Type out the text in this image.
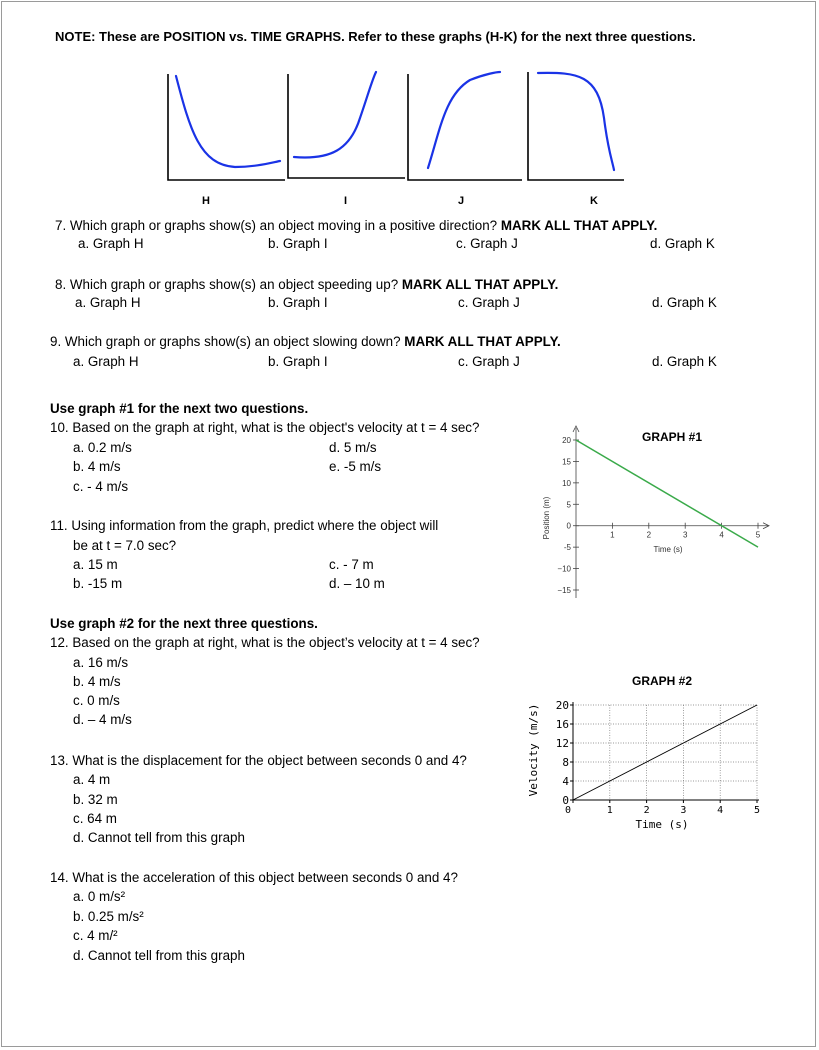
NOTE: These are POSITION vs. TIME GRAPHS. Refer to these graphs (H-K) for the next three questions.
H	I	J	K
7. Which graph or graphs show(s) an object moving in a positive direction? MARK ALL THAT APPLY.
a. Graph H	b. Graph I	c. Graph J	d. Graph K
8. Which graph or graphs show(s) an object speeding up? MARK ALL THAT APPLY.
a. Graph H	b. Graph I	c. Graph J	d. Graph K
9. Which graph or graphs show(s) an object slowing down? MARK ALL THAT APPLY.
a. Graph H	b. Graph I	c. Graph J	d. Graph K
Use graph #1 for the next two questions.
10. Based on the graph at right, what is the object's velocity at t = 4 sec?
a. 0.2 m/s
b. 4 m/s
c. - 4 m/s
d. 5 m/s
e. -5 m/s
11. Using information from the graph, predict where the object will
be at t = 7.0 sec?
a. 15 m
b. -15 m
c. - 7 m
d. – 10 m
GRAPH #1
20
15
10
5
0
-5
−10
−15
1	2	3	4	5
Time (s)
Position (m)
GRAPH #2
20
16
12
8
4
0
0	1	2	3	4	5
Time (s)
Velocity (m/s)
Use graph #2 for the next three questions.
12. Based on the graph at right, what is the object’s velocity at t = 4 sec?
a. 16 m/s
b. 4 m/s
c. 0 m/s
d. – 4 m/s
13. What is the displacement for the object between seconds 0 and 4?
a. 4 m
b. 32 m
c. 64 m
d. Cannot tell from this graph
14. What is the acceleration of this object between seconds 0 and 4?
a. 0 m/s²
b. 0.25 m/s²
c. 4 m/²
d. Cannot tell from this graph
